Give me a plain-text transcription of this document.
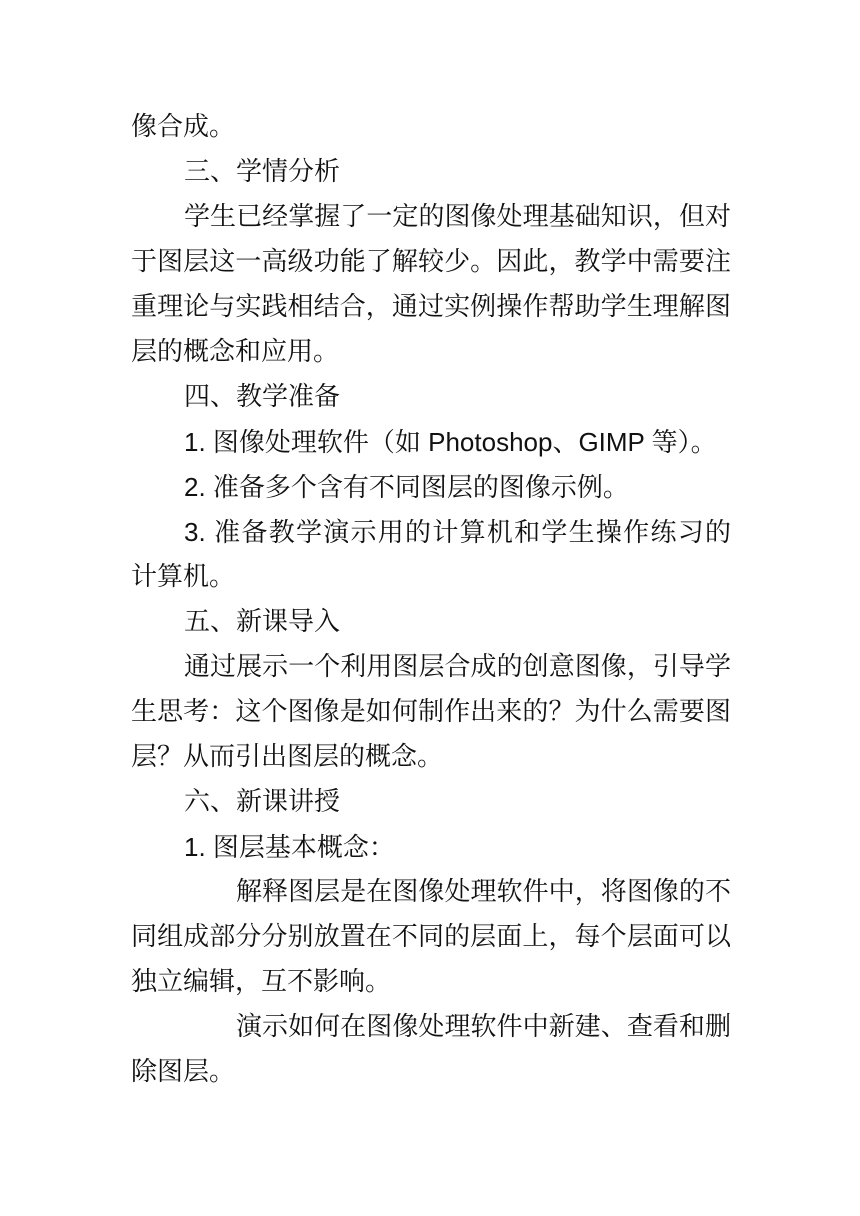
像合成。

三、学情分析

学生已经掌握了一定的图像处理基础知识，但对

于图层这一高级功能了解较少。因此，教学中需要注

重理论与实践相结合，通过实例操作帮助学生理解图

层的概念和应用。

四、教学准备

1. 图像处理软件（如 Photoshop、GIMP 等）。

2. 准备多个含有不同图层的图像示例。

3. 准备教学演示用的计算机和学生操作练习的

计算机。

五、新课导入

通过展示一个利用图层合成的创意图像，引导学

生思考：这个图像是如何制作出来的？为什么需要图

层？从而引出图层的概念。

六、新课讲授

1. 图层基本概念：

解释图层是在图像处理软件中，将图像的不

同组成部分分别放置在不同的层面上，每个层面可以

独立编辑，互不影响。

演示如何在图像处理软件中新建、查看和删

除图层。
